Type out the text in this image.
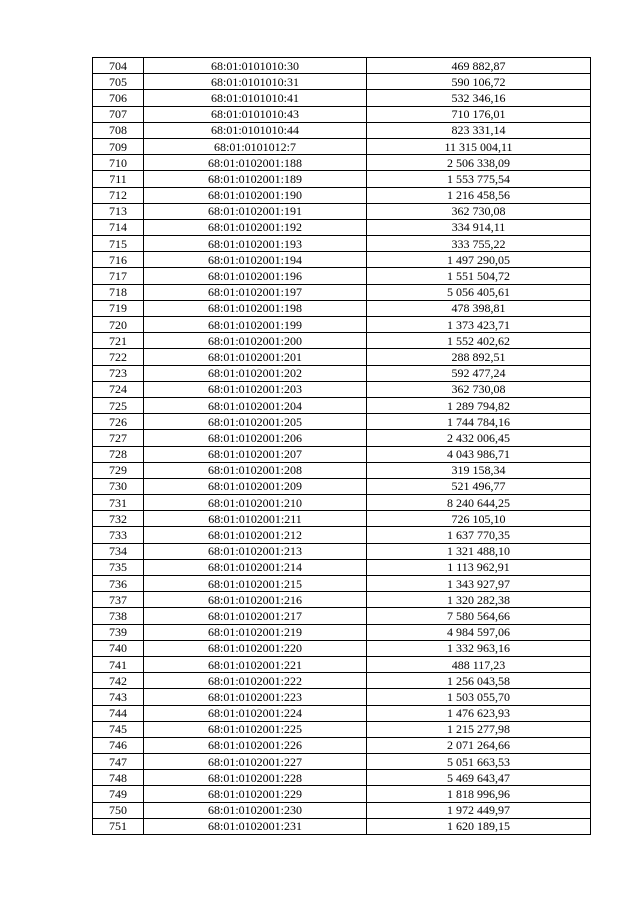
704	68:01:0101010:30	469 882,87
705	68:01:0101010:31	590 106,72
706	68:01:0101010:41	532 346,16
707	68:01:0101010:43	710 176,01
708	68:01:0101010:44	823 331,14
709	68:01:0101012:7	11 315 004,11
710	68:01:0102001:188	2 506 338,09
711	68:01:0102001:189	1 553 775,54
712	68:01:0102001:190	1 216 458,56
713	68:01:0102001:191	362 730,08
714	68:01:0102001:192	334 914,11
715	68:01:0102001:193	333 755,22
716	68:01:0102001:194	1 497 290,05
717	68:01:0102001:196	1 551 504,72
718	68:01:0102001:197	5 056 405,61
719	68:01:0102001:198	478 398,81
720	68:01:0102001:199	1 373 423,71
721	68:01:0102001:200	1 552 402,62
722	68:01:0102001:201	288 892,51
723	68:01:0102001:202	592 477,24
724	68:01:0102001:203	362 730,08
725	68:01:0102001:204	1 289 794,82
726	68:01:0102001:205	1 744 784,16
727	68:01:0102001:206	2 432 006,45
728	68:01:0102001:207	4 043 986,71
729	68:01:0102001:208	319 158,34
730	68:01:0102001:209	521 496,77
731	68:01:0102001:210	8 240 644,25
732	68:01:0102001:211	726 105,10
733	68:01:0102001:212	1 637 770,35
734	68:01:0102001:213	1 321 488,10
735	68:01:0102001:214	1 113 962,91
736	68:01:0102001:215	1 343 927,97
737	68:01:0102001:216	1 320 282,38
738	68:01:0102001:217	7 580 564,66
739	68:01:0102001:219	4 984 597,06
740	68:01:0102001:220	1 332 963,16
741	68:01:0102001:221	488 117,23
742	68:01:0102001:222	1 256 043,58
743	68:01:0102001:223	1 503 055,70
744	68:01:0102001:224	1 476 623,93
745	68:01:0102001:225	1 215 277,98
746	68:01:0102001:226	2 071 264,66
747	68:01:0102001:227	5 051 663,53
748	68:01:0102001:228	5 469 643,47
749	68:01:0102001:229	1 818 996,96
750	68:01:0102001:230	1 972 449,97
751	68:01:0102001:231	1 620 189,15
